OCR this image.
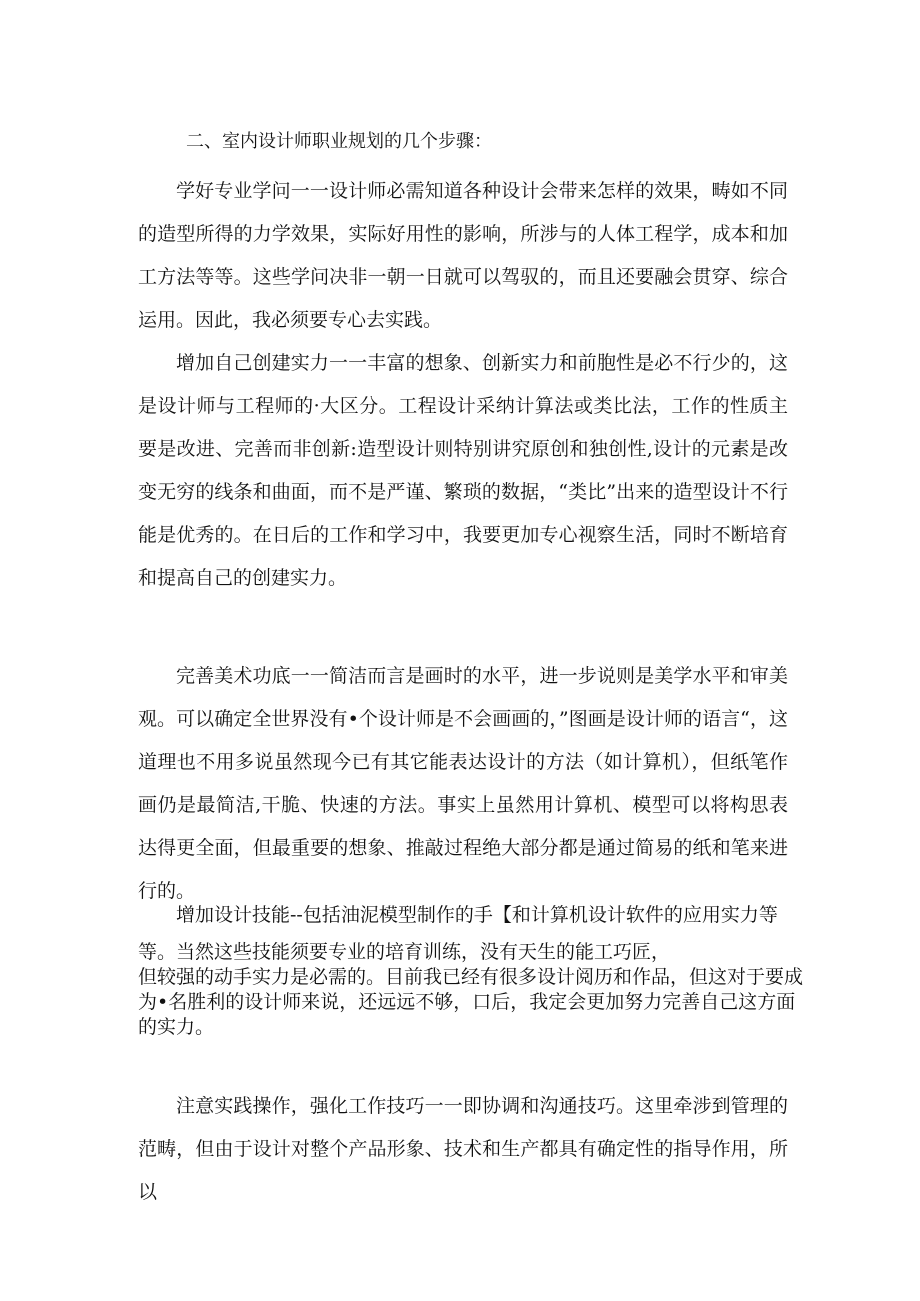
二、室内设计师职业规划的几个步骤：

学好专业学问一一设计师必需知道各种设计会带来怎样的效果，畴如不同的造型所得的力学效果，实际好用性的影响，所涉与的人体工程学，成本和加工方法等等。这些学问决非一朝一日就可以驾驭的，而且还要融会贯穿、综合运用。因此，我必须要专心去实践。

增加自己创建实力一一丰富的想象、创新实力和前胞性是必不行少的，这是设计师与工程师的·大区分。工程设计采纳计算法或类比法，工作的性质主要是改进、完善而非创新:造型设计则特别讲究原创和独创性,设计的元素是改变无穷的线条和曲面，而不是严谨、繁琐的数据，“类比”出来的造型设计不行能是优秀的。在日后的工作和学习中，我要更加专心视察生活，同时不断培育和提高自己的创建实力。

完善美术功底一一简洁而言是画时的水平，进一步说则是美学水平和审美观。可以确定全世界没有•个设计师是不会画画的，”图画是设计师的语言“，这道理也不用多说虽然现今已有其它能表达设计的方法（如计算机），但纸笔作画仍是最简洁,干脆、快速的方法。事实上虽然用计算机、模型可以将构思表达得更全面，但最重要的想象、推敲过程绝大部分都是通过简易的纸和笔来进行的。

增加设计技能--包括油泥模型制作的手【和计算机设计软件的应用实力等
等。当然这些技能须要专业的培育训练，没有天生的能工巧匠，
但较强的动手实力是必需的。目前我已经有很多设计阅历和作品，但这对于要成
为•名胜利的设计师来说，还远远不够，口后，我定会更加努力完善自己这方面
的实力。

注意实践操作，强化工作技巧一一即协调和沟通技巧。这里牵涉到管理的范畴，但由于设计对整个产品形象、技术和生产都具有确定性的指导作用，所以
